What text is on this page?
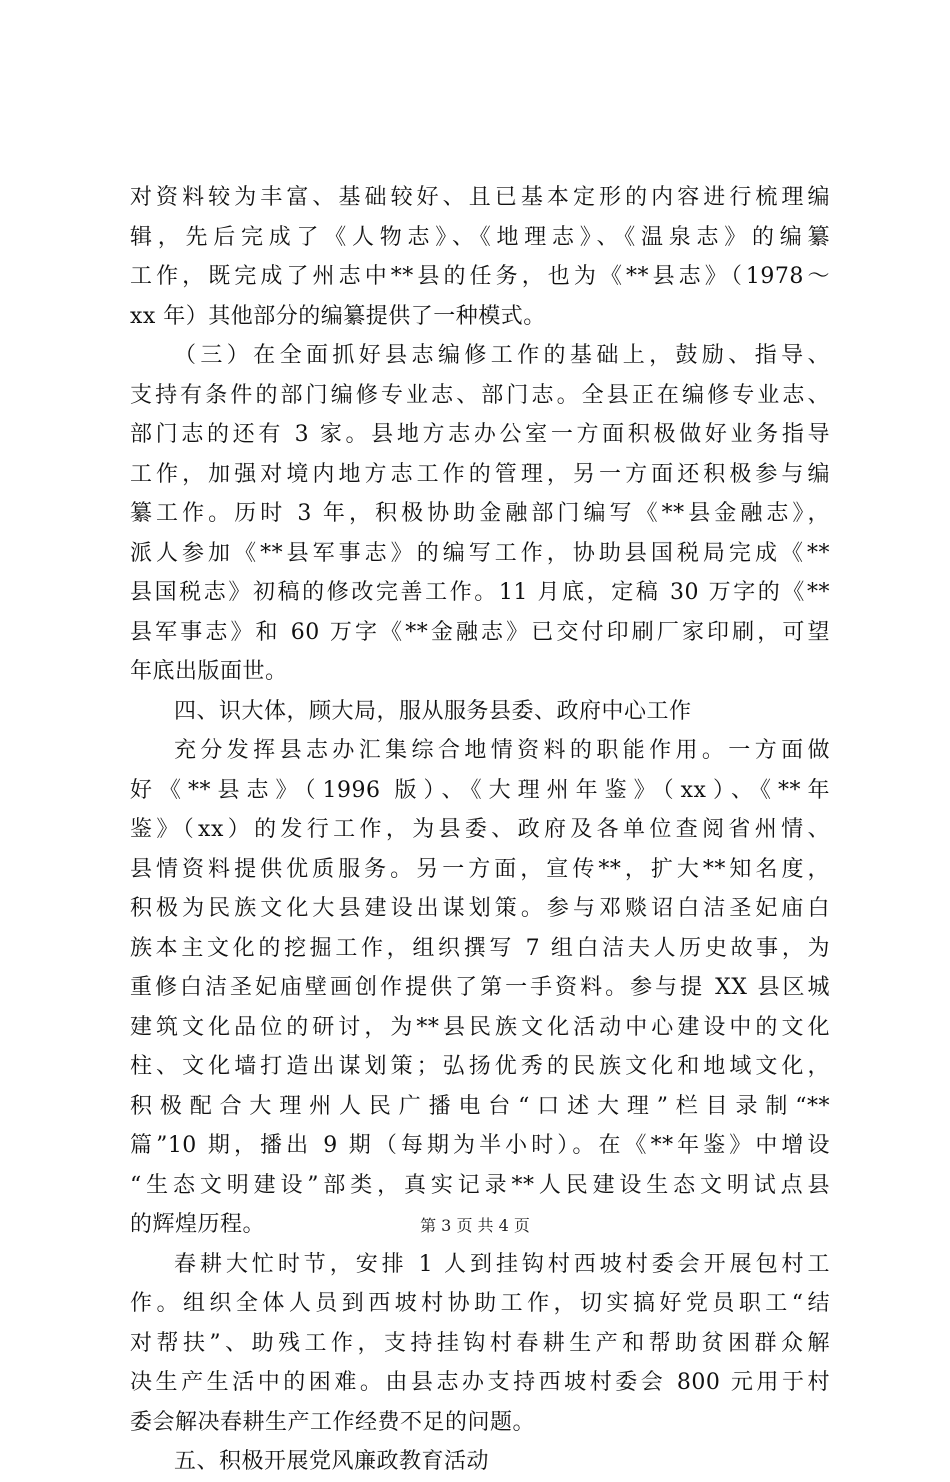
对资料较为丰富、基础较好、且已基本定形的内容进行梳理编
辑，先后完成了《人物志》、《地理志》、《温泉志》的编纂
工作，既完成了州志中**县的任务，也为《**县志》（1978～
xx 年）其他部分的编纂提供了一种模式。
（三）在全面抓好县志编修工作的基础上，鼓励、指导、
支持有条件的部门编修专业志、部门志。全县正在编修专业志、
部门志的还有 3 家。县地方志办公室一方面积极做好业务指导
工作，加强对境内地方志工作的管理，另一方面还积极参与编
纂工作。历时 3 年，积极协助金融部门编写《**县金融志》，
派人参加《**县军事志》的编写工作，协助县国税局完成《**
县国税志》初稿的修改完善工作。11 月底，定稿 30 万字的《**
县军事志》和 60 万字《**金融志》已交付印刷厂家印刷，可望
年底出版面世。
四、识大体，顾大局，服从服务县委、政府中心工作
充分发挥县志办汇集综合地情资料的职能作用。一方面做
好《**县志》（1996 版）、《大理州年鉴》（xx）、《**年
鉴》（xx）的发行工作，为县委、政府及各单位查阅省州情、
县情资料提供优质服务。另一方面，宣传**，扩大**知名度，
积极为民族文化大县建设出谋划策。参与邓赕诏白洁圣妃庙白
族本主文化的挖掘工作，组织撰写 7 组白洁夫人历史故事，为
重修白洁圣妃庙壁画创作提供了第一手资料。参与提 XX 县区城
建筑文化品位的研讨，为**县民族文化活动中心建设中的文化
柱、文化墙打造出谋划策；弘扬优秀的民族文化和地域文化，
积极配合大理州人民广播电台“口述大理”栏目录制“**
篇”10 期，播出 9 期（每期为半小时）。在《**年鉴》中增设
“生态文明建设”部类，真实记录**人民建设生态文明试点县
的辉煌历程。
春耕大忙时节，安排 1 人到挂钩村西坡村委会开展包村工
作。组织全体人员到西坡村协助工作，切实搞好党员职工“结
对帮扶”、助残工作，支持挂钩村春耕生产和帮助贫困群众解
决生产生活中的困难。由县志办支持西坡村委会 800 元用于村
委会解决春耕生产工作经费不足的问题。
五、积极开展党风廉政教育活动
第 3 页 共 4 页
